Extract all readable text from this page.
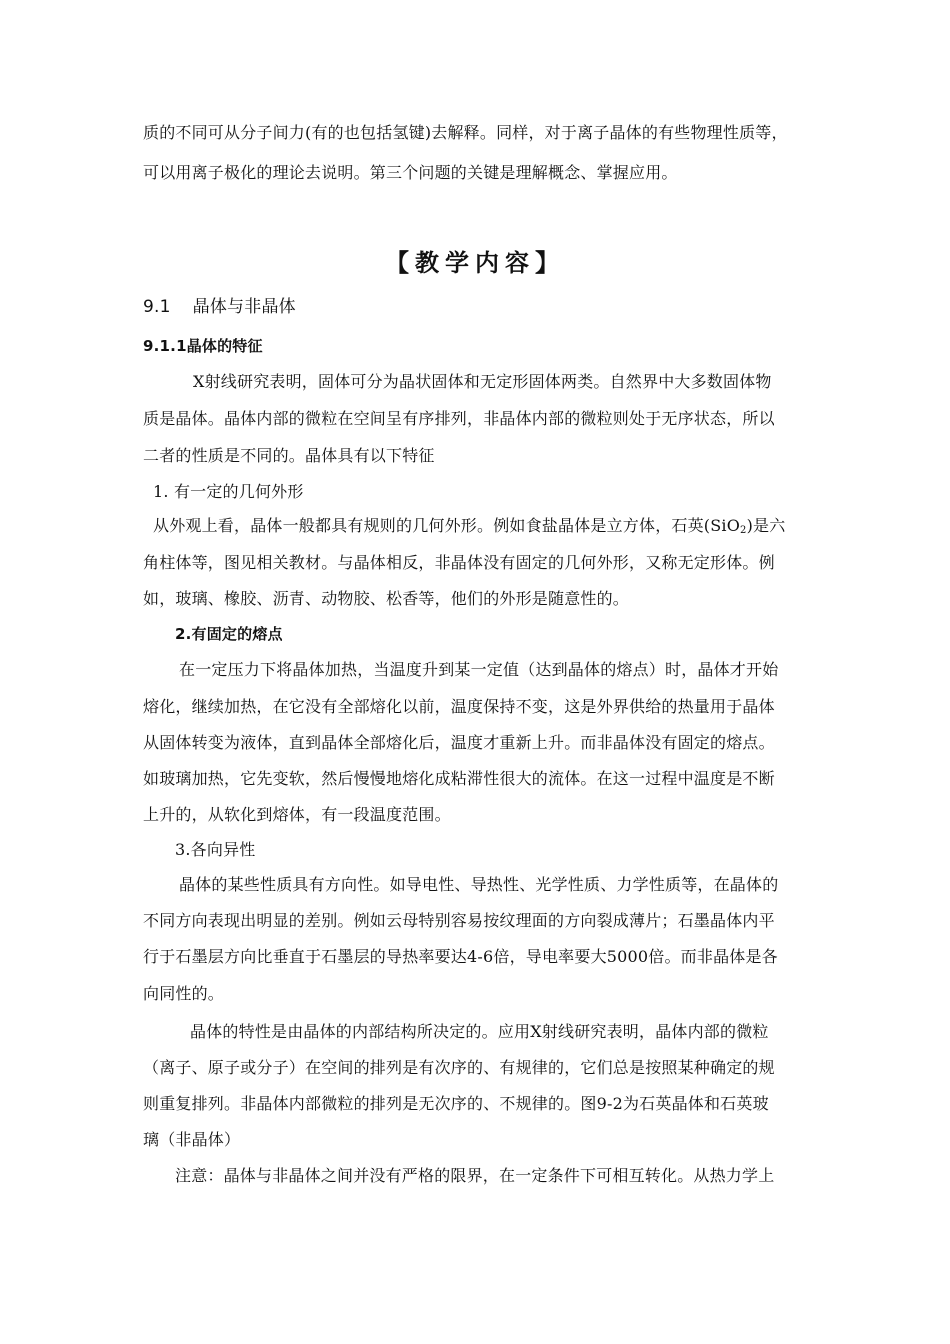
质的不同可从分子间力(有的也包括氢键)去解释。同样，对于离子晶体的有些物理性质等，
可以用离子极化的理论去说明。第三个问题的关键是理解概念、掌握应用。
【教学内容】
9.1 晶体与非晶体
9.1.1晶体的特征
X射线研究表明，固体可分为晶状固体和无定形固体两类。自然界中大多数固体物
质是晶体。晶体内部的微粒在空间呈有序排列，非晶体内部的微粒则处于无序状态，所以
二者的性质是不同的。晶体具有以下特征
1. 有一定的几何外形
从外观上看，晶体一般都具有规则的几何外形。例如食盐晶体是立方体，石英(SiO$_2$)是六
角柱体等，图见相关教材。与晶体相反，非晶体没有固定的几何外形，又称无定形体。例
如，玻璃、橡胶、沥青、动物胶、松香等，他们的外形是随意性的。
2.有固定的熔点
在一定压力下将晶体加热，当温度升到某一定值（达到晶体的熔点）时，晶体才开始
熔化，继续加热，在它没有全部熔化以前，温度保持不变，这是外界供给的热量用于晶体
从固体转变为液体，直到晶体全部熔化后，温度才重新上升。而非晶体没有固定的熔点。
如玻璃加热，它先变软，然后慢慢地熔化成粘滞性很大的流体。在这一过程中温度是不断
上升的，从软化到熔体，有一段温度范围。
3.各向异性
晶体的某些性质具有方向性。如导电性、导热性、光学性质、力学性质等，在晶体的
不同方向表现出明显的差别。例如云母特别容易按纹理面的方向裂成薄片；石墨晶体内平
行于石墨层方向比垂直于石墨层的导热率要达4-6倍，导电率要大5000倍。而非晶体是各
向同性的。
晶体的特性是由晶体的内部结构所决定的。应用X射线研究表明，晶体内部的微粒
（离子、原子或分子）在空间的排列是有次序的、有规律的，它们总是按照某种确定的规
则重复排列。非晶体内部微粒的排列是无次序的、不规律的。图9-2为石英晶体和石英玻
璃（非晶体）
注意：晶体与非晶体之间并没有严格的限界，在一定条件下可相互转化。从热力学上
